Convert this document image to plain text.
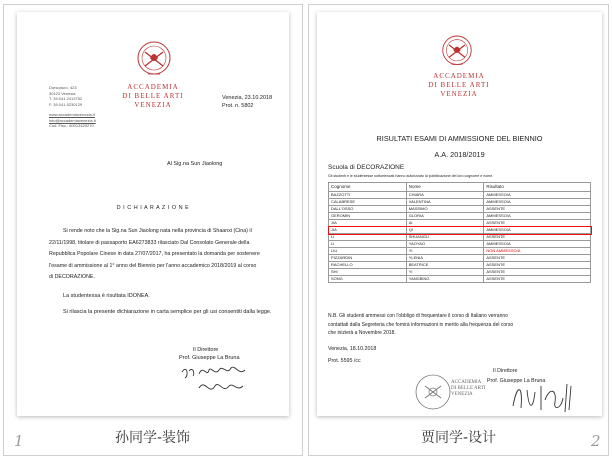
ACCADEMIA
DI BELLE ARTI
VENEZIA
Dorsoduro, 423
30123 Venezia
T. 39.041.2413752
F. 39.041.5230129
www.accademiavenezia.it
info@accademiavenezia.it
Cod. Fisc.: 80013420270
Venezia, 23.10.2018
Prot. n. 5802
Al Sig.na Sun Jiaolong
D I C H I A R A Z I O N E
Si rende noto che la Sig.na Sun Jiaolong nata nella provincia di Shaanxi (Cina) il
22/11/1998, titolare di passaporto EA6273833 rilasciato Dal Consolato Generale della
Repubblica Popolare Cinese in data 27/07/2017, ha presentato la domanda per sostenere
l'esame di ammissione al 1° anno del Biennio per l'anno accademico 2018/2019 al corso
di DECORAZIONE.
La studentessa è risultata IDONEA.
Si rilascia la presente dichiarazione in carta semplice per gli usi consentiti dalla legge.
Il Direttore
Prof. Giuseppe La Bruna
孙同学-装饰
1
ACCADEMIA
DI BELLE ARTI
VENEZIA
RISULTATI ESAMI DI AMMISSIONE DEL BIENNIO
A.A. 2018/2019
Scuola di DECORAZIONE
Gli studenti e le studentesse sottoelencati hanno autorizzato la pubblicazione del loro cognome e nome.
Cognome	Nome	Risultato
BAZZOTTI	CHIARA	AMMESSO/A
CALABRESE	VALENTINA	AMMESSO/A
DALL'OSSO	MASSIMO	ASSENTE
GEROMIN	GLORIA	AMMESSO/A
JIA	AI	ASSENTE
JIA	QI	AMMESSO/A
LI	SHUANGLI	ASSENTE
LI	YAOYAO	AMMESSO/A
LIU	YI	NON AMMESSO/A
PIZZARDIN	YLENIA	ASSENTE
RACHELLO	BEATRICE	ASSENTE
SHI	YI	ASSENTE
SONG	YANGBING	ASSENTE
N.B. Gli studenti ammessi con l'obbligo di frequentare il corso di Italiano verranno
contattati dalla Segreteria che fornirà informazioni in merito alla frequenza del corso
che inizierà a Novembre 2018.
Venezia, 18.10.2018
Prot. 5595 /cc
Il Direttore
Prof. Giuseppe La Bruna
ACCADEMIA
DI BELLE ARTI
VENEZIA
贾同学-设计	2
